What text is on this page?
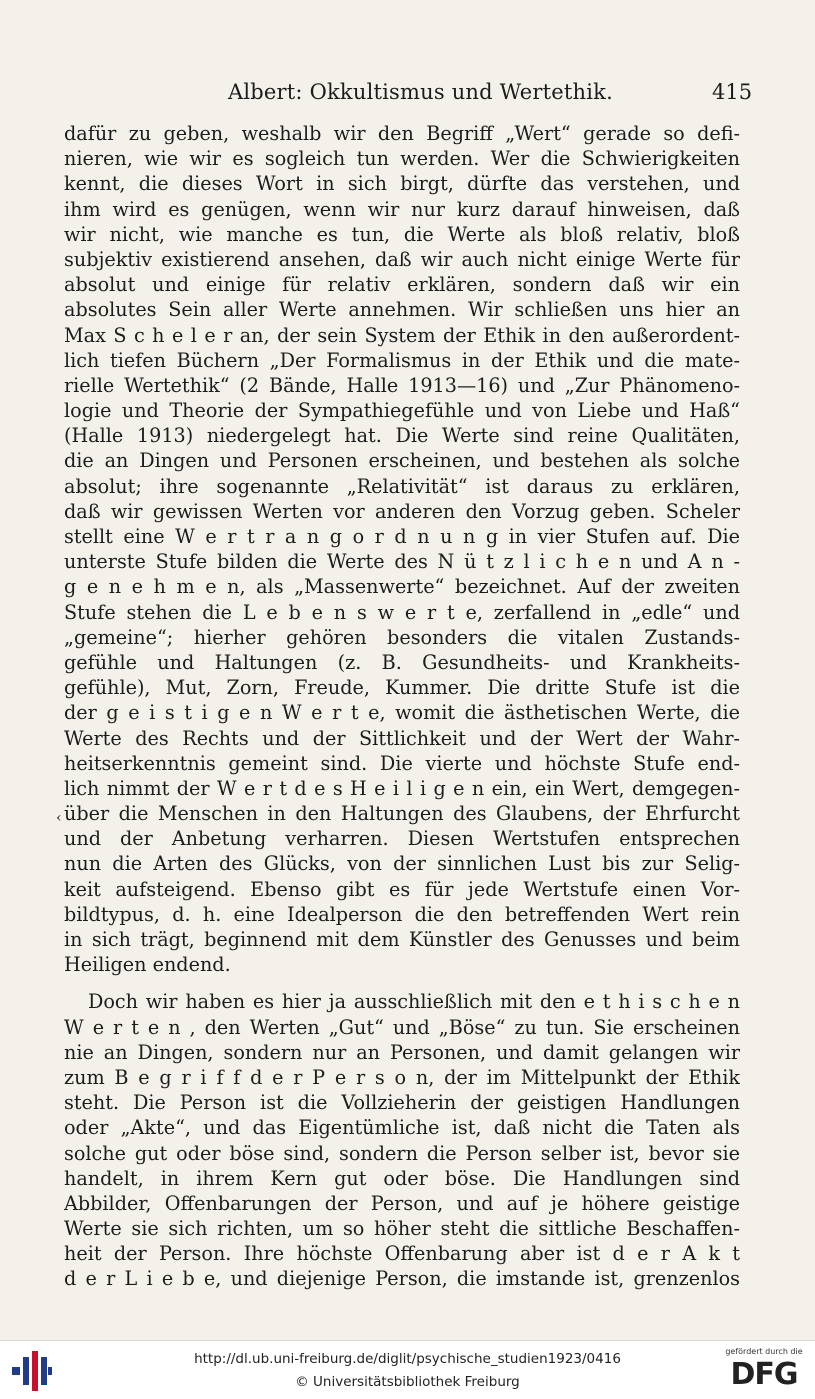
Albert: Okkultismus und Wertethik.	415
‹
dafür zu geben, weshalb wir den Begriff „Wert“ gerade so defi-
nieren, wie wir es sogleich tun werden. Wer die Schwierigkeiten
kennt, die dieses Wort in sich birgt, dürfte das verstehen, und
ihm wird es genügen, wenn wir nur kurz darauf hinweisen, daß
wir nicht, wie manche es tun, die Werte als bloß relativ, bloß
subjektiv existierend ansehen, daß wir auch nicht einige Werte für
absolut und einige für relativ erklären, sondern daß wir ein
absolutes Sein aller Werte annehmen. Wir schließen uns hier an
Max S c h e l e r an, der sein System der Ethik in den außerordent-
lich tiefen Büchern „Der Formalismus in der Ethik und die mate-
rielle Wertethik“ (2 Bände, Halle 1913—16) und „Zur Phänomeno-
logie und Theorie der Sympathiegefühle und von Liebe und Haß“
(Halle 1913) niedergelegt hat. Die Werte sind reine Qualitäten,
die an Dingen und Personen erscheinen, und bestehen als solche
absolut; ihre sogenannte „Relativität“ ist daraus zu erklären,
daß wir gewissen Werten vor anderen den Vorzug geben. Scheler
stellt eine W e r t r a n g o r d n u n g in vier Stufen auf. Die
unterste Stufe bilden die Werte des N ü t z l i c h e n und A n -
g e n e h m e n, als „Massenwerte“ bezeichnet. Auf der zweiten
Stufe stehen die L e b e n s w e r t e, zerfallend in „edle“ und
„gemeine“; hierher gehören besonders die vitalen Zustands-
gefühle und Haltungen (z. B. Gesundheits- und Krankheits-
gefühle), Mut, Zorn, Freude, Kummer. Die dritte Stufe ist die
der g e i s t i g e n W e r t e, womit die ästhetischen Werte, die
Werte des Rechts und der Sittlichkeit und der Wert der Wahr-
heitserkenntnis gemeint sind. Die vierte und höchste Stufe end-
lich nimmt der W e r t d e s H e i l i g e n ein, ein Wert, demgegen-
über die Menschen in den Haltungen des Glaubens, der Ehrfurcht
und der Anbetung verharren. Diesen Wertstufen entsprechen
nun die Arten des Glücks, von der sinnlichen Lust bis zur Selig-
keit aufsteigend. Ebenso gibt es für jede Wertstufe einen Vor-
bildtypus, d. h. eine Idealperson die den betreffenden Wert rein
in sich trägt, beginnend mit dem Künstler des Genusses und beim
Heiligen endend.
Doch wir haben es hier ja ausschließlich mit den e t h i s c h e n
W e r t e n , den Werten „Gut“ und „Böse“ zu tun. Sie erscheinen
nie an Dingen, sondern nur an Personen, und damit gelangen wir
zum B e g r i f f d e r P e r s o n, der im Mittelpunkt der Ethik
steht. Die Person ist die Vollzieherin der geistigen Handlungen
oder „Akte“, und das Eigentümliche ist, daß nicht die Taten als
solche gut oder böse sind, sondern die Person selber ist, bevor sie
handelt, in ihrem Kern gut oder böse. Die Handlungen sind
Abbilder, Offenbarungen der Person, und auf je höhere geistige
Werte sie sich richten, um so höher steht die sittliche Beschaffen-
heit der Person. Ihre höchste Offenbarung aber ist d e r A k t
d e r L i e b e, und diejenige Person, die imstande ist, grenzenlos
http://dl.ub.uni-freiburg.de/diglit/psychische_studien1923/0416
© Universitätsbibliothek Freiburg
gefördert durch die
DFG
